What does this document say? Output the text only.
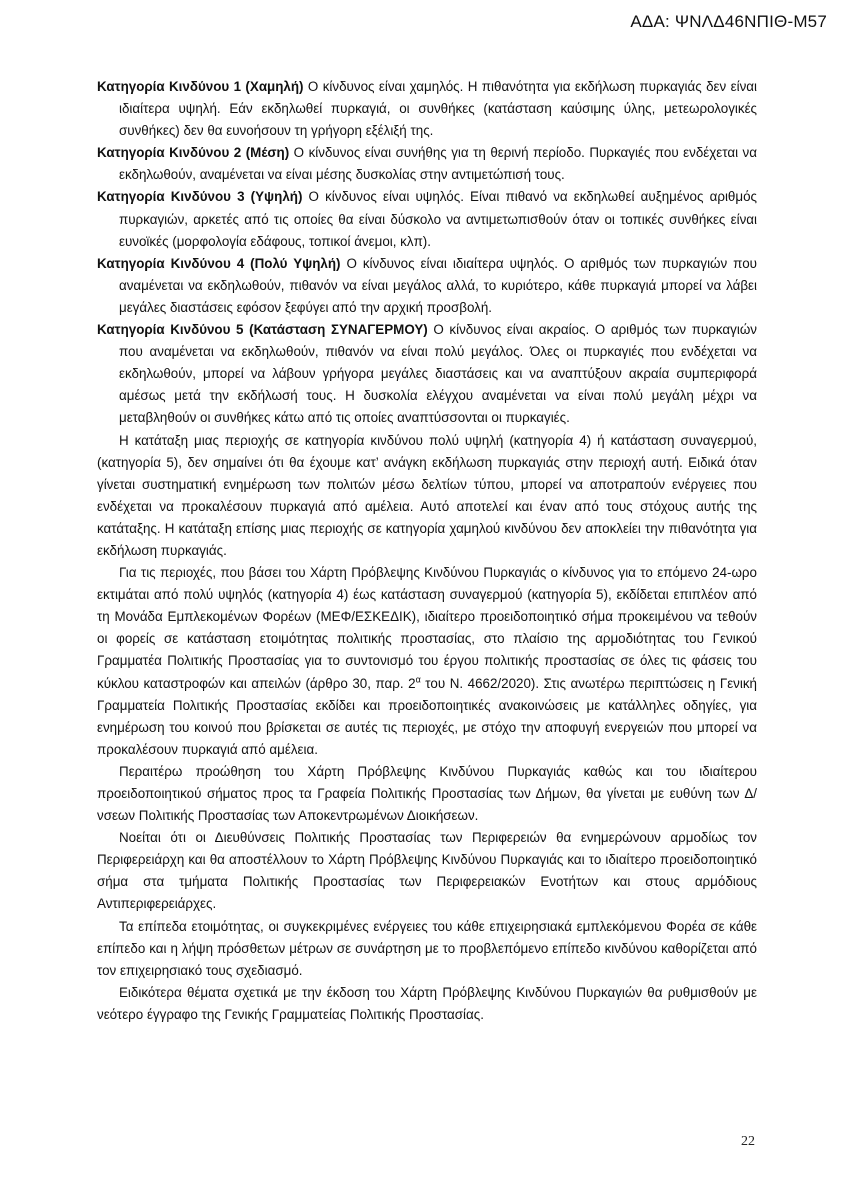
ΑΔΑ: ΨΝΛΔ46ΝΠΙΘ-Μ57

Κατηγορία Κινδύνου 1 (Χαμηλή) Ο κίνδυνος είναι χαμηλός. Η πιθανότητα για εκδήλωση πυρκαγιάς δεν είναι ιδιαίτερα υψηλή. Εάν εκδηλωθεί πυρκαγιά, οι συνθήκες (κατάσταση καύσιμης ύλης, μετεωρολογικές συνθήκες) δεν θα ευνοήσουν τη γρήγορη εξέλιξή της.

Κατηγορία Κινδύνου 2 (Μέση) Ο κίνδυνος είναι συνήθης για τη θερινή περίοδο. Πυρκαγιές που ενδέχεται να εκδηλωθούν, αναμένεται να είναι μέσης δυσκολίας στην αντιμετώπισή τους.

Κατηγορία Κινδύνου 3 (Υψηλή) Ο κίνδυνος είναι υψηλός. Είναι πιθανό να εκδηλωθεί αυξημένος αριθμός πυρκαγιών, αρκετές από τις οποίες θα είναι δύσκολο να αντιμετωπισθούν όταν οι τοπικές συνθήκες είναι ευνοϊκές (μορφολογία εδάφους, τοπικοί άνεμοι, κλπ).

Κατηγορία Κινδύνου 4 (Πολύ Υψηλή) Ο κίνδυνος είναι ιδιαίτερα υψηλός. Ο αριθμός των πυρκαγιών που αναμένεται να εκδηλωθούν, πιθανόν να είναι μεγάλος αλλά, το κυριότερο, κάθε πυρκαγιά μπορεί να λάβει μεγάλες διαστάσεις εφόσον ξεφύγει από την αρχική προσβολή.

Κατηγορία Κινδύνου 5 (Κατάσταση ΣΥΝΑΓΕΡΜΟΥ) Ο κίνδυνος είναι ακραίος. Ο αριθμός των πυρκαγιών που αναμένεται να εκδηλωθούν, πιθανόν να είναι πολύ μεγάλος. Όλες οι πυρκαγιές που ενδέχεται να εκδηλωθούν, μπορεί να λάβουν γρήγορα μεγάλες διαστάσεις και να αναπτύξουν ακραία συμπεριφορά αμέσως μετά την εκδήλωσή τους. Η δυσκολία ελέγχου αναμένεται να είναι πολύ μεγάλη μέχρι να μεταβληθούν οι συνθήκες κάτω από τις οποίες αναπτύσσονται οι πυρκαγιές.

Η κατάταξη μιας περιοχής σε κατηγορία κινδύνου πολύ υψηλή (κατηγορία 4) ή κατάσταση συναγερμού, (κατηγορία 5), δεν σημαίνει ότι θα έχουμε κατ’ ανάγκη εκδήλωση πυρκαγιάς στην περιοχή αυτή. Ειδικά όταν γίνεται συστηματική ενημέρωση των πολιτών μέσω δελτίων τύπου, μπορεί να αποτραπούν ενέργειες που ενδέχεται να προκαλέσουν πυρκαγιά από αμέλεια. Αυτό αποτελεί και έναν από τους στόχους αυτής της κατάταξης. Η κατάταξη επίσης μιας περιοχής σε κατηγορία χαμηλού κινδύνου δεν αποκλείει την πιθανότητα για εκδήλωση πυρκαγιάς.

Για τις περιοχές, που βάσει του Χάρτη Πρόβλεψης Κινδύνου Πυρκαγιάς ο κίνδυνος για το επόμενο 24-ωρο εκτιμάται από πολύ υψηλός (κατηγορία 4) έως κατάσταση συναγερμού (κατηγορία 5), εκδίδεται επιπλέον από τη Μονάδα Εμπλεκομένων Φορέων (ΜΕΦ/ΕΣΚΕΔΙΚ), ιδιαίτερο προειδοποιητικό σήμα προκειμένου να τεθούν οι φορείς σε κατάσταση ετοιμότητας πολιτικής προστασίας, στο πλαίσιο της αρμοδιότητας του Γενικού Γραμματέα Πολιτικής Προστασίας για το συντονισμό του έργου πολιτικής προστασίας σε όλες τις φάσεις του κύκλου καταστροφών και απειλών (άρθρο 30, παρ. $2^\alpha$ του Ν. 4662/2020). Στις ανωτέρω περιπτώσεις η Γενική Γραμματεία Πολιτικής Προστασίας εκδίδει και προειδοποιητικές ανακοινώσεις με κατάλληλες οδηγίες, για ενημέρωση του κοινού που βρίσκεται σε αυτές τις περιοχές, με στόχο την αποφυγή ενεργειών που μπορεί να προκαλέσουν πυρκαγιά από αμέλεια.

Περαιτέρω προώθηση του Χάρτη Πρόβλεψης Κινδύνου Πυρκαγιάς καθώς και του ιδιαίτερου προειδοποιητικού σήματος προς τα Γραφεία Πολιτικής Προστασίας των Δήμων, θα γίνεται με ευθύνη των Δ/νσεων Πολιτικής Προστασίας των Αποκεντρωμένων Διοικήσεων.

Νοείται ότι οι Διευθύνσεις Πολιτικής Προστασίας των Περιφερειών θα ενημερώνουν αρμοδίως τον Περιφερειάρχη και θα αποστέλλουν το Χάρτη Πρόβλεψης Κινδύνου Πυρκαγιάς και το ιδιαίτερο προειδοποιητικό σήμα στα τμήματα Πολιτικής Προστασίας των Περιφερειακών Ενοτήτων και στους αρμόδιους Αντιπεριφερειάρχες.

Τα επίπεδα ετοιμότητας, οι συγκεκριμένες ενέργειες του κάθε επιχειρησιακά εμπλεκόμενου Φορέα σε κάθε επίπεδο και η λήψη πρόσθετων μέτρων σε συνάρτηση με το προβλεπόμενο επίπεδο κινδύνου καθορίζεται από τον επιχειρησιακό τους σχεδιασμό.

Ειδικότερα θέματα σχετικά με την έκδοση του Χάρτη Πρόβλεψης Κινδύνου Πυρκαγιών θα ρυθμισθούν με νεότερο έγγραφο της Γενικής Γραμματείας Πολιτικής Προστασίας.

22
